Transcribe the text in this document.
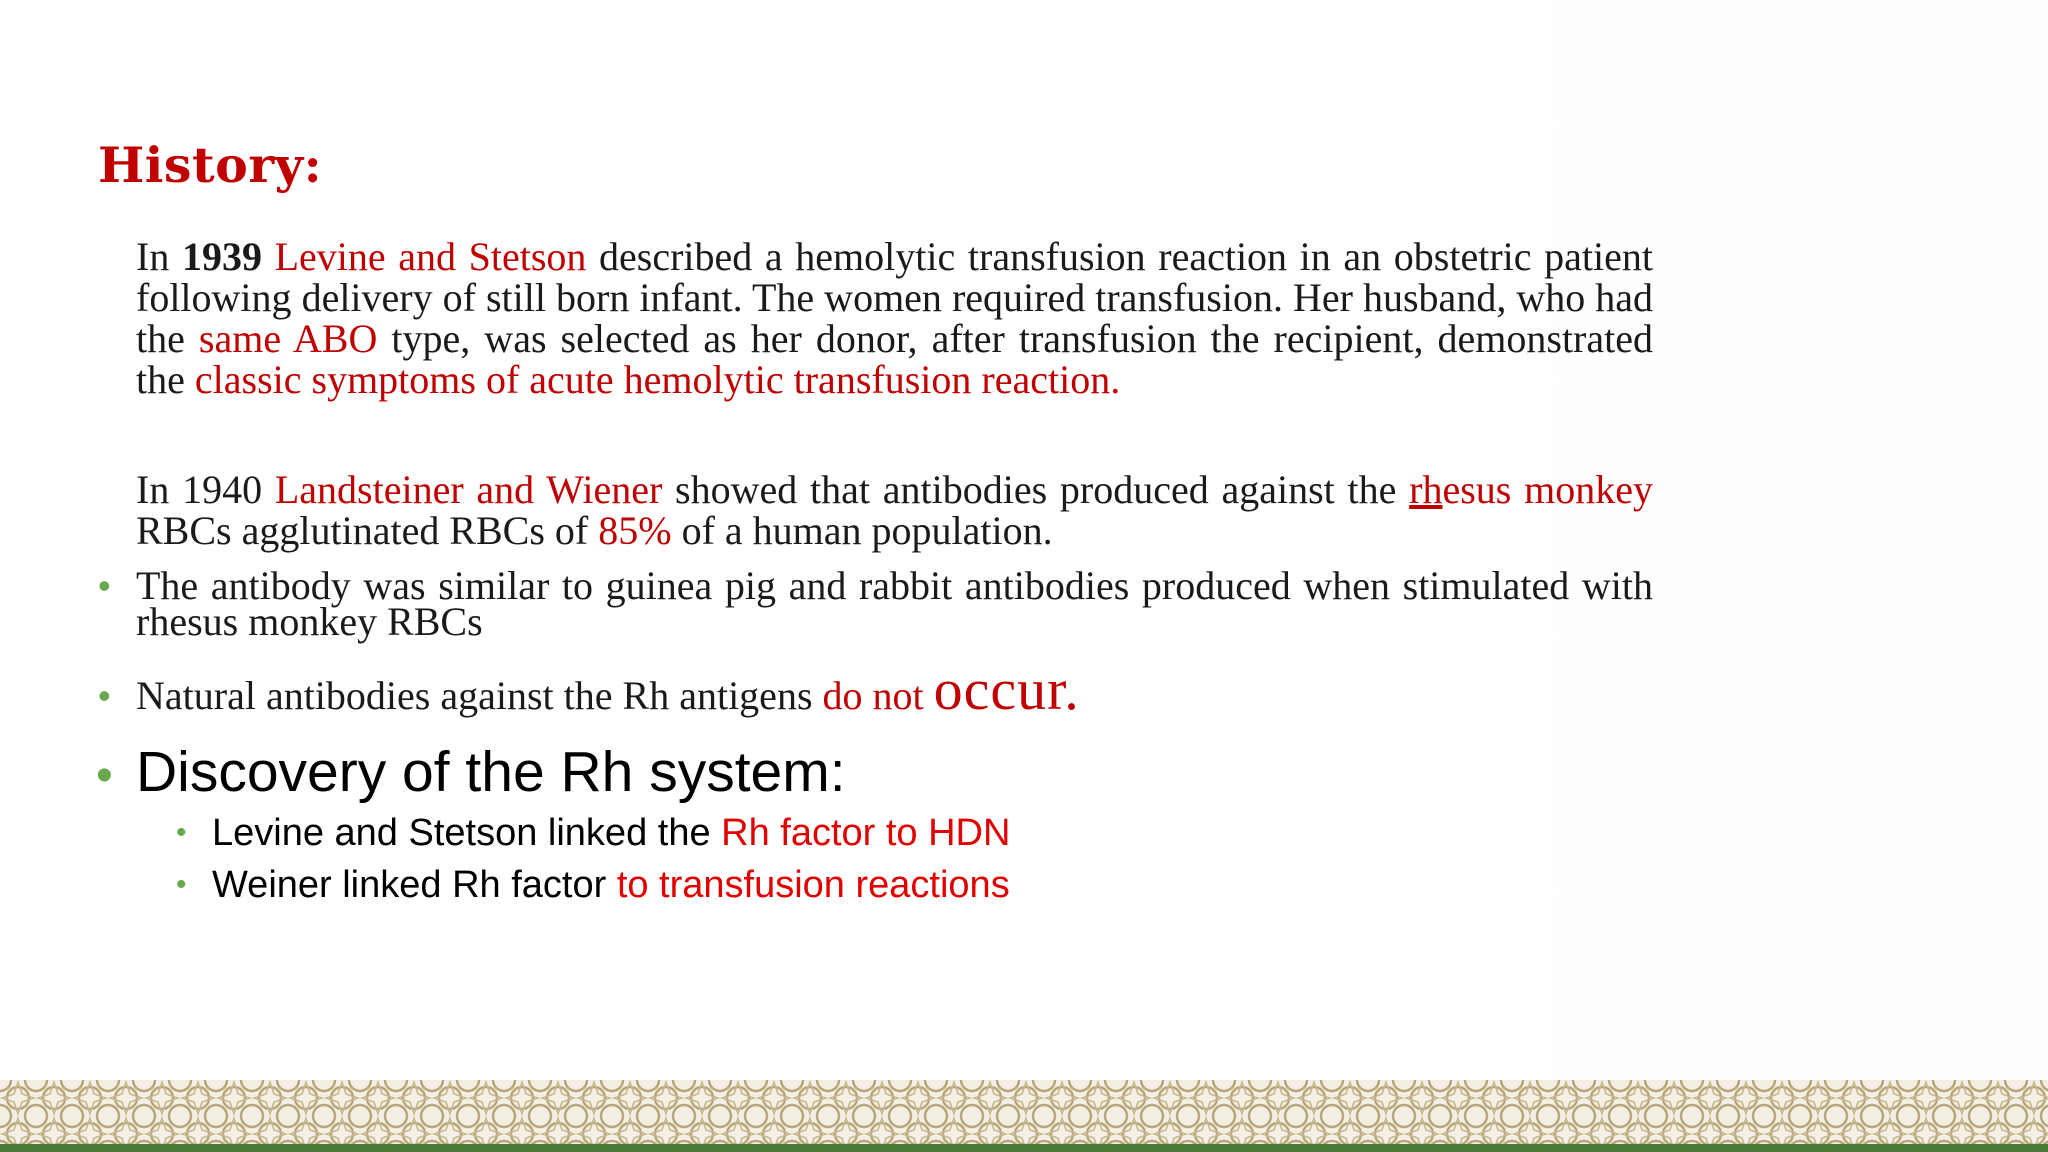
History:
In 1939 Levine and Stetson described a hemolytic transfusion reaction in an obstetric patient following delivery of still born infant. The women required transfusion. Her husband, who had the same ABO type, was selected as her donor, after transfusion the recipient, demonstrated the classic symptoms of acute hemolytic transfusion reaction.
In 1940 Landsteiner and Wiener showed that antibodies produced against the rhesus monkey RBCs agglutinated RBCs of 85% of a human population.
• The antibody was similar to guinea pig and rabbit antibodies produced when stimulated with rhesus monkey RBCs
• Natural antibodies against the Rh antigens do not occur.
• Discovery of the Rh system:
• Levine and Stetson linked the Rh factor to HDN
• Weiner linked Rh factor to transfusion reactions
